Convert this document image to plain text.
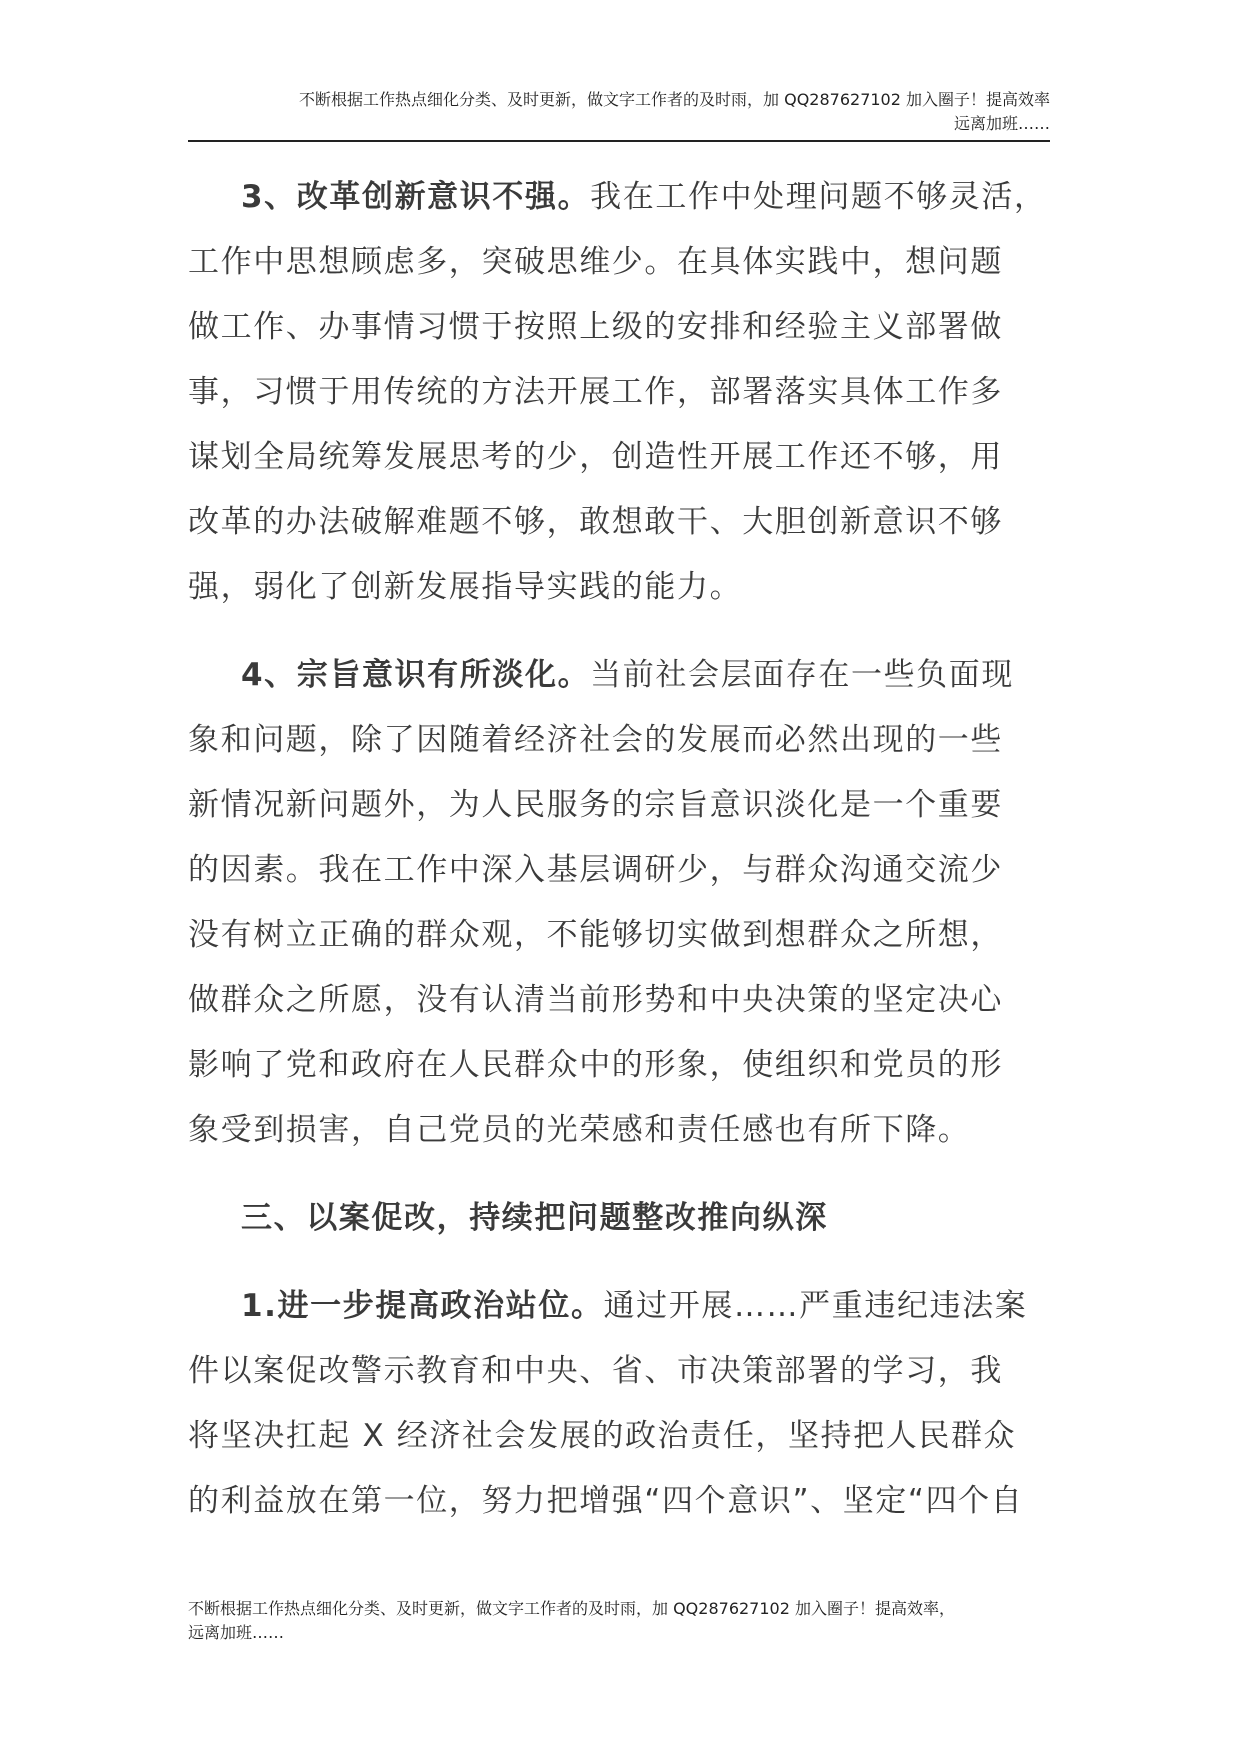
不断根据工作热点细化分类、及时更新，做文字工作者的及时雨，加 QQ287627102 加入圈子！提高效率
远离加班……
3、改革创新意识不强。我在工作中处理问题不够灵活，
工作中思想顾虑多，突破思维少。在具体实践中，想问题
做工作、办事情习惯于按照上级的安排和经验主义部署做
事，习惯于用传统的方法开展工作，部署落实具体工作多
谋划全局统筹发展思考的少，创造性开展工作还不够，用
改革的办法破解难题不够，敢想敢干、大胆创新意识不够
强，弱化了创新发展指导实践的能力。
4、宗旨意识有所淡化。当前社会层面存在一些负面现
象和问题，除了因随着经济社会的发展而必然出现的一些
新情况新问题外，为人民服务的宗旨意识淡化是一个重要
的因素。我在工作中深入基层调研少，与群众沟通交流少
没有树立正确的群众观，不能够切实做到想群众之所想，
做群众之所愿，没有认清当前形势和中央决策的坚定决心
影响了党和政府在人民群众中的形象，使组织和党员的形
象受到损害，自己党员的光荣感和责任感也有所下降。
三、以案促改，持续把问题整改推向纵深
1.进一步提高政治站位。通过开展……严重违纪违法案
件以案促改警示教育和中央、省、市决策部署的学习，我
将坚决扛起 X 经济社会发展的政治责任，坚持把人民群众
的利益放在第一位，努力把增强“四个意识”、坚定“四个自
不断根据工作热点细化分类、及时更新，做文字工作者的及时雨，加 QQ287627102 加入圈子！提高效率，
远离加班……
